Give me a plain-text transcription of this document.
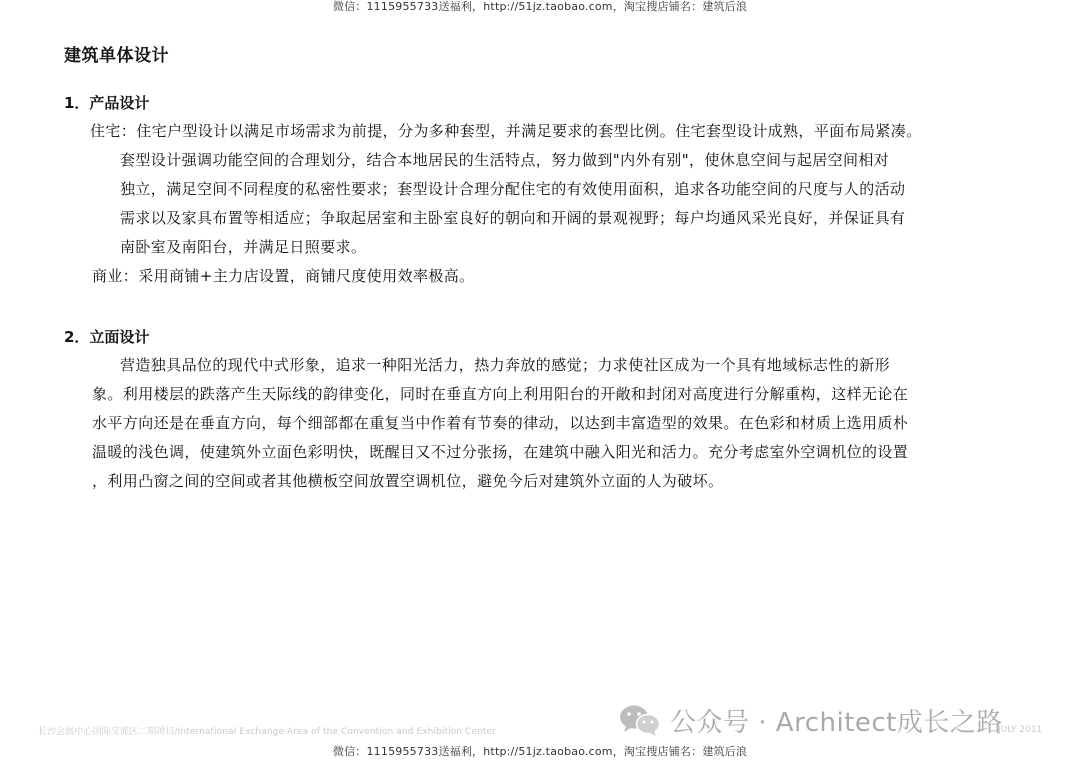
微信：1115955733送福利，http://51jz.taobao.com，淘宝搜店铺名：建筑后浪
建筑单体设计
1．产品设计
住宅：住宅户型设计以满足市场需求为前提，分为多种套型，并满足要求的套型比例。住宅套型设计成熟，平面布局紧凑。
套型设计强调功能空间的合理划分，结合本地居民的生活特点，努力做到"内外有别"，使休息空间与起居空间相对
独立，满足空间不同程度的私密性要求；套型设计合理分配住宅的有效使用面积，追求各功能空间的尺度与人的活动
需求以及家具布置等相适应；争取起居室和主卧室良好的朝向和开阔的景观视野；每户均通风采光良好，并保证具有
南卧室及南阳台，并满足日照要求。
商业：采用商铺+主力店设置，商铺尺度使用效率极高。
2．立面设计
营造独具品位的现代中式形象，追求一种阳光活力，热力奔放的感觉；力求使社区成为一个具有地域标志性的新形
象。利用楼层的跌落产生天际线的韵律变化，同时在垂直方向上利用阳台的开敞和封闭对高度进行分解重构，这样无论在
水平方向还是在垂直方向，每个细部都在重复当中作着有节奏的律动，以达到丰富造型的效果。在色彩和材质上选用质朴
温暖的浅色调，使建筑外立面色彩明快，既醒目又不过分张扬，在建筑中融入阳光和活力。充分考虑室外空调机位的设置
，利用凸窗之间的空间或者其他横板空间放置空调机位，避免今后对建筑外立面的人为破坏。
长沙会展中心国际交流区二期项目/International Exchange Area of the Convention and Exhibition Center	JULY 2011
公众号 · Architect成长之路
微信：1115955733送福利，http://51jz.taobao.com，淘宝搜店铺名：建筑后浪
